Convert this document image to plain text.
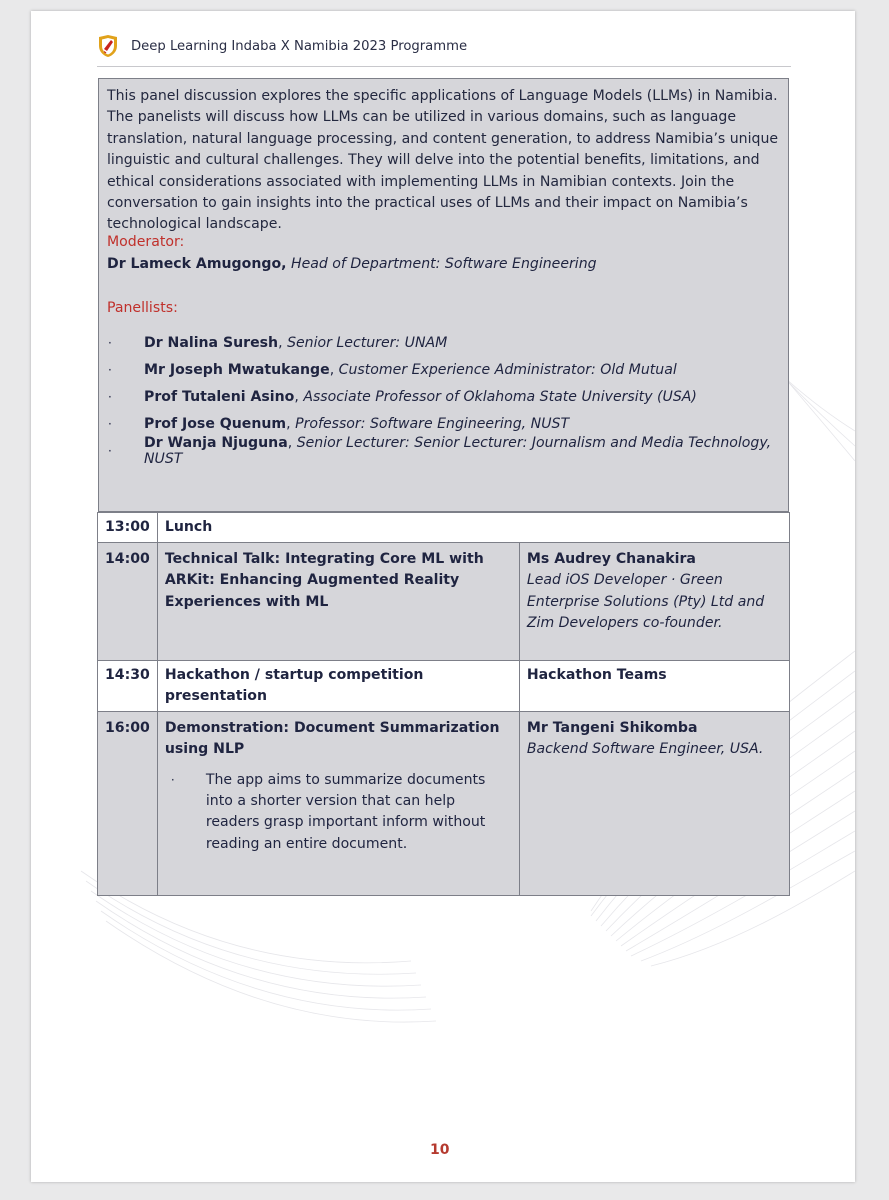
Deep Learning Indaba X Namibia 2023 Programme

This panel discussion explores the specific applications of Language Models (LLMs) in Namibia. The panelists will discuss how LLMs can be utilized in various domains, such as language translation, natural language processing, and content generation, to address Namibia’s unique linguistic and cultural challenges. They will delve into the potential benefits, limitations, and ethical considerations associated with implementing LLMs in Namibian contexts. Join the conversation to gain insights into the practical uses of LLMs and their impact on Namibia’s technological landscape.

Moderator:

Dr Lameck Amugongo, Head of Department: Software Engineering

Panellists:

·	Dr Nalina Suresh, Senior Lecturer: UNAM
·	Mr Joseph Mwatukange, Customer Experience Administrator: Old Mutual
·	Prof Tutaleni Asino, Associate Professor of Oklahoma State University (USA)
·	Prof Jose Quenum, Professor: Software Engineering, NUST
·	Dr Wanja Njuguna, Senior Lecturer: Senior Lecturer: Journalism and Media Technology, NUST
13:00	Lunch	
14:00	Technical Talk: Integrating Core ML with ARKit: Enhancing Augmented Reality Experiences with ML	Ms Audrey Chanakira
Lead iOS Developer · Green Enterprise Solutions (Pty) Ltd and Zim Developers co-founder.
14:30	Hackathon / startup competition presentation	Hackathon Teams
16:00	Demonstration: Document Summarization using NLP
· The app aims to summarize documents into a shorter version that can help readers grasp important inform without reading an entire document.	Mr Tangeni Shikomba
Backend Software Engineer, USA.
10
